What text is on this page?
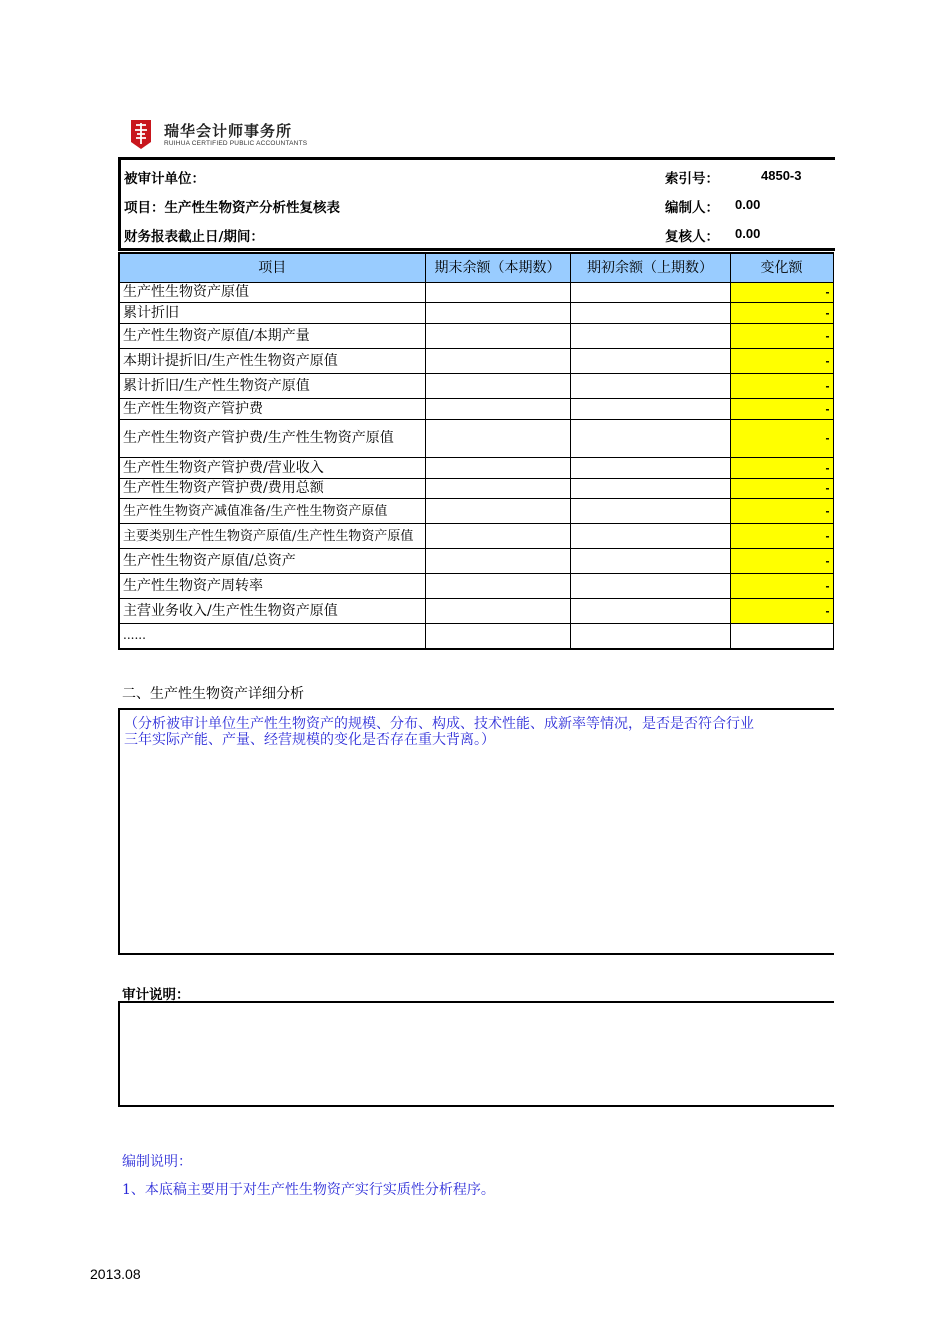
瑞华会计师事务所
RUIHUA CERTIFIED PUBLIC ACCOUNTANTS
被审计单位：	索引号：	4850-3
项目：生产性生物资产分析性复核表	编制人： 0.00
财务报表截止日/期间：	复核人： 0.00
项目	期末余额（本期数）	期初余额（上期数）	变化额
生产性生物资产原值			-
累计折旧			-
生产性生物资产原值/本期产量			-
本期计提折旧/生产性生物资产原值			-
累计折旧/生产性生物资产原值			-
生产性生物资产管护费			-
生产性生物资产管护费/生产性生物资产原值			-
生产性生物资产管护费/营业收入			-
生产性生物资产管护费/费用总额			-
生产性生物资产减值准备/生产性生物资产原值			-
主要类别生产性生物资产原值/生产性生物资产原值			-
生产性生物资产原值/总资产			-
生产性生物资产周转率			-
主营业务收入/生产性生物资产原值			-
......			
二、生产性生物资产详细分析

（分析被审计单位生产性生物资产的规模、分布、构成、技术性能、成新率等情况，是否是否符合行业

三年实际产能、产量、经营规模的变化是否存在重大背离。）

审计说明：
编制说明：
1、本底稿主要用于对生产性生物资产实行实质性分析程序。
2013.08
